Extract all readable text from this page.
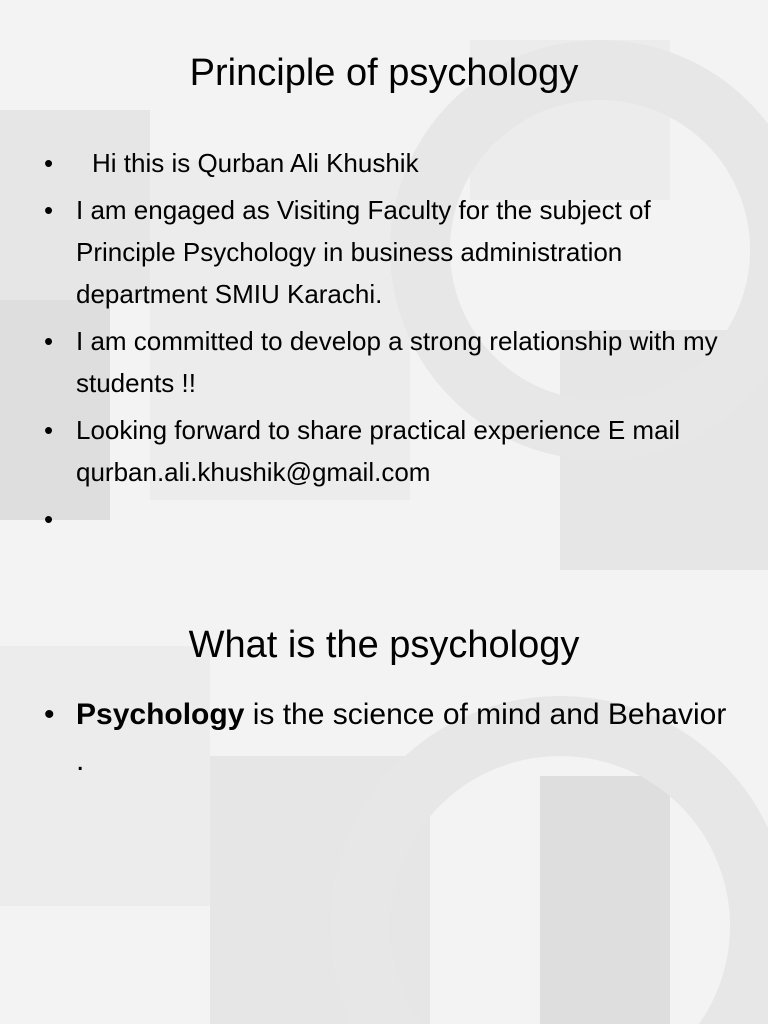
Principle of psychology
• Hi this is Qurban Ali Khushik
• I am engaged as Visiting Faculty for the subject of Principle Psychology in business administration department SMIU Karachi.
• I am committed to develop a strong relationship with my students !!
• Looking forward to share practical experience E mail qurban.ali.khushik@gmail.com
•

What is the psychology
• Psychology is the science of mind and Behavior .
